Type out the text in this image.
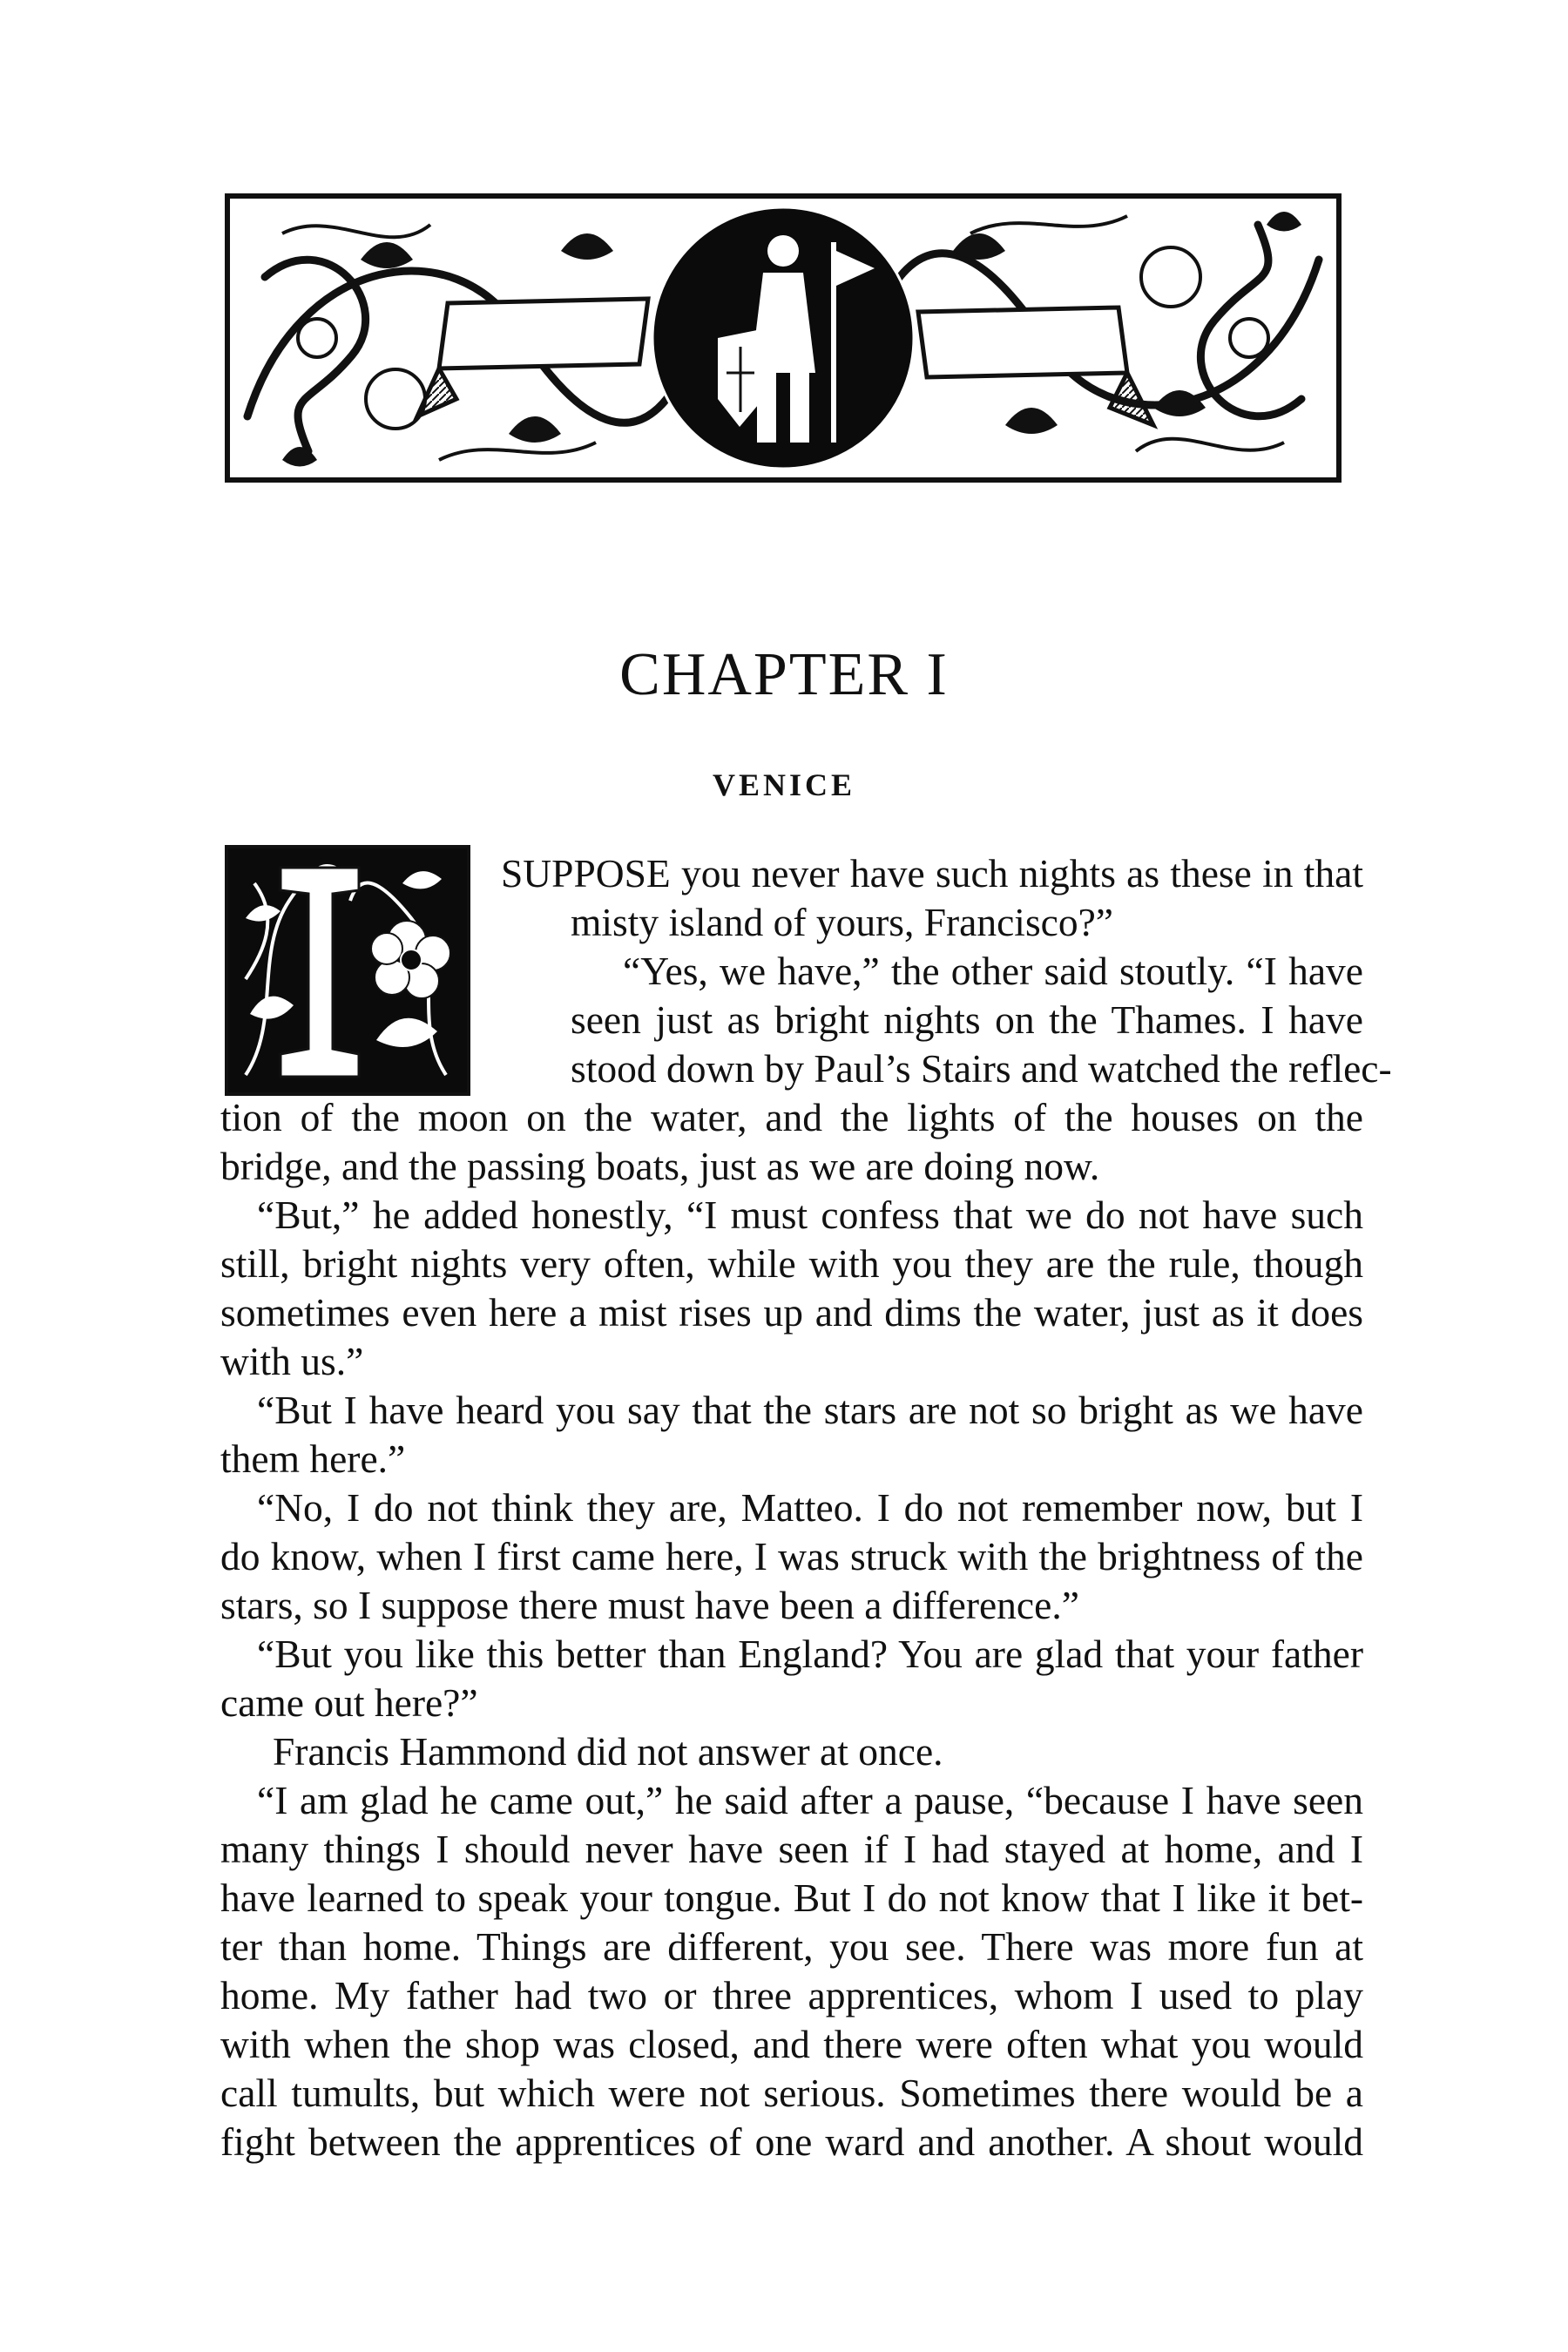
CHAPTER I
VENICE
SUPPOSE you never have such nights as these in that
misty island of yours, Francisco?”
“Yes, we have,” the other said stoutly. “I have
seen just as bright nights on the Thames. I have
stood down by Paul’s Stairs and watched the reflec-
tion of the moon on the water, and the lights of the houses on the
bridge, and the passing boats, just as we are doing now.
“But,” he added honestly, “I must confess that we do not have such
still, bright nights very often, while with you they are the rule, though
sometimes even here a mist rises up and dims the water, just as it does
with us.”
“But I have heard you say that the stars are not so bright as we have
them here.”
“No, I do not think they are, Matteo. I do not remember now, but I
do know, when I first came here, I was struck with the brightness of the
stars, so I suppose there must have been a difference.”
“But you like this better than England? You are glad that your father
came out here?”
Francis Hammond did not answer at once.
“I am glad he came out,” he said after a pause, “because I have seen
many things I should never have seen if I had stayed at home, and I
have learned to speak your tongue. But I do not know that I like it bet-
ter than home. Things are different, you see. There was more fun at
home. My father had two or three apprentices, whom I used to play
with when the shop was closed, and there were often what you would
call tumults, but which were not serious. Sometimes there would be a
fight between the apprentices of one ward and another. A shout would
